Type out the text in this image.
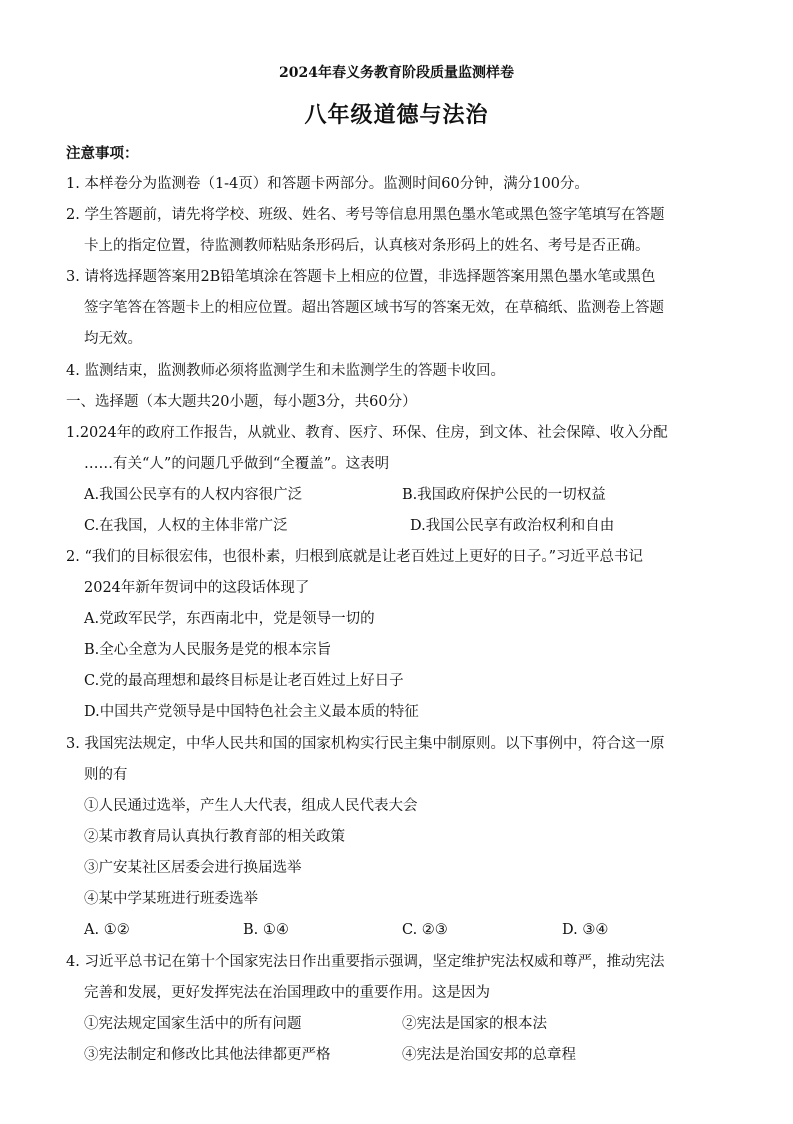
2024年春义务教育阶段质量监测样卷
八年级道德与法治
注意事项：
1. 本样卷分为监测卷（1-4页）和答题卡两部分。监测时间60分钟，满分100分。
2. 学生答题前，请先将学校、班级、姓名、考号等信息用黑色墨水笔或黑色签字笔填写在答题
卡上的指定位置，待监测教师粘贴条形码后，认真核对条形码上的姓名、考号是否正确。
3. 请将选择题答案用2B铅笔填涂在答题卡上相应的位置，非选择题答案用黑色墨水笔或黑色
签字笔答在答题卡上的相应位置。超出答题区域书写的答案无效，在草稿纸、监测卷上答题
均无效。
4. 监测结束，监测教师必须将监测学生和未监测学生的答题卡收回。
一、选择题（本大题共20小题，每小题3分，共60分）
1.2024年的政府工作报告，从就业、教育、医疗、环保、住房，到文体、社会保障、收入分配
……有关“人”的问题几乎做到“全覆盖”。这表明
A.我国公民享有的人权内容很广泛	B.我国政府保护公民的一切权益
C.在我国，人权的主体非常广泛	D.我国公民享有政治权利和自由
2. “我们的目标很宏伟，也很朴素，归根到底就是让老百姓过上更好的日子。”习近平总书记
2024年新年贺词中的这段话体现了
A.党政军民学，东西南北中，党是领导一切的
B.全心全意为人民服务是党的根本宗旨
C.党的最高理想和最终目标是让老百姓过上好日子
D.中国共产党领导是中国特色社会主义最本质的特征
3. 我国宪法规定，中华人民共和国的国家机构实行民主集中制原则。以下事例中，符合这一原
则的有
①人民通过选举，产生人大代表，组成人民代表大会
②某市教育局认真执行教育部的相关政策
③广安某社区居委会进行换届选举
④某中学某班进行班委选举
A. ①②	B. ①④	C. ②③	D. ③④
4. 习近平总书记在第十个国家宪法日作出重要指示强调，坚定维护宪法权威和尊严，推动宪法
完善和发展，更好发挥宪法在治国理政中的重要作用。这是因为
①宪法规定国家生活中的所有问题	②宪法是国家的根本法
③宪法制定和修改比其他法律都更严格	④宪法是治国安邦的总章程
